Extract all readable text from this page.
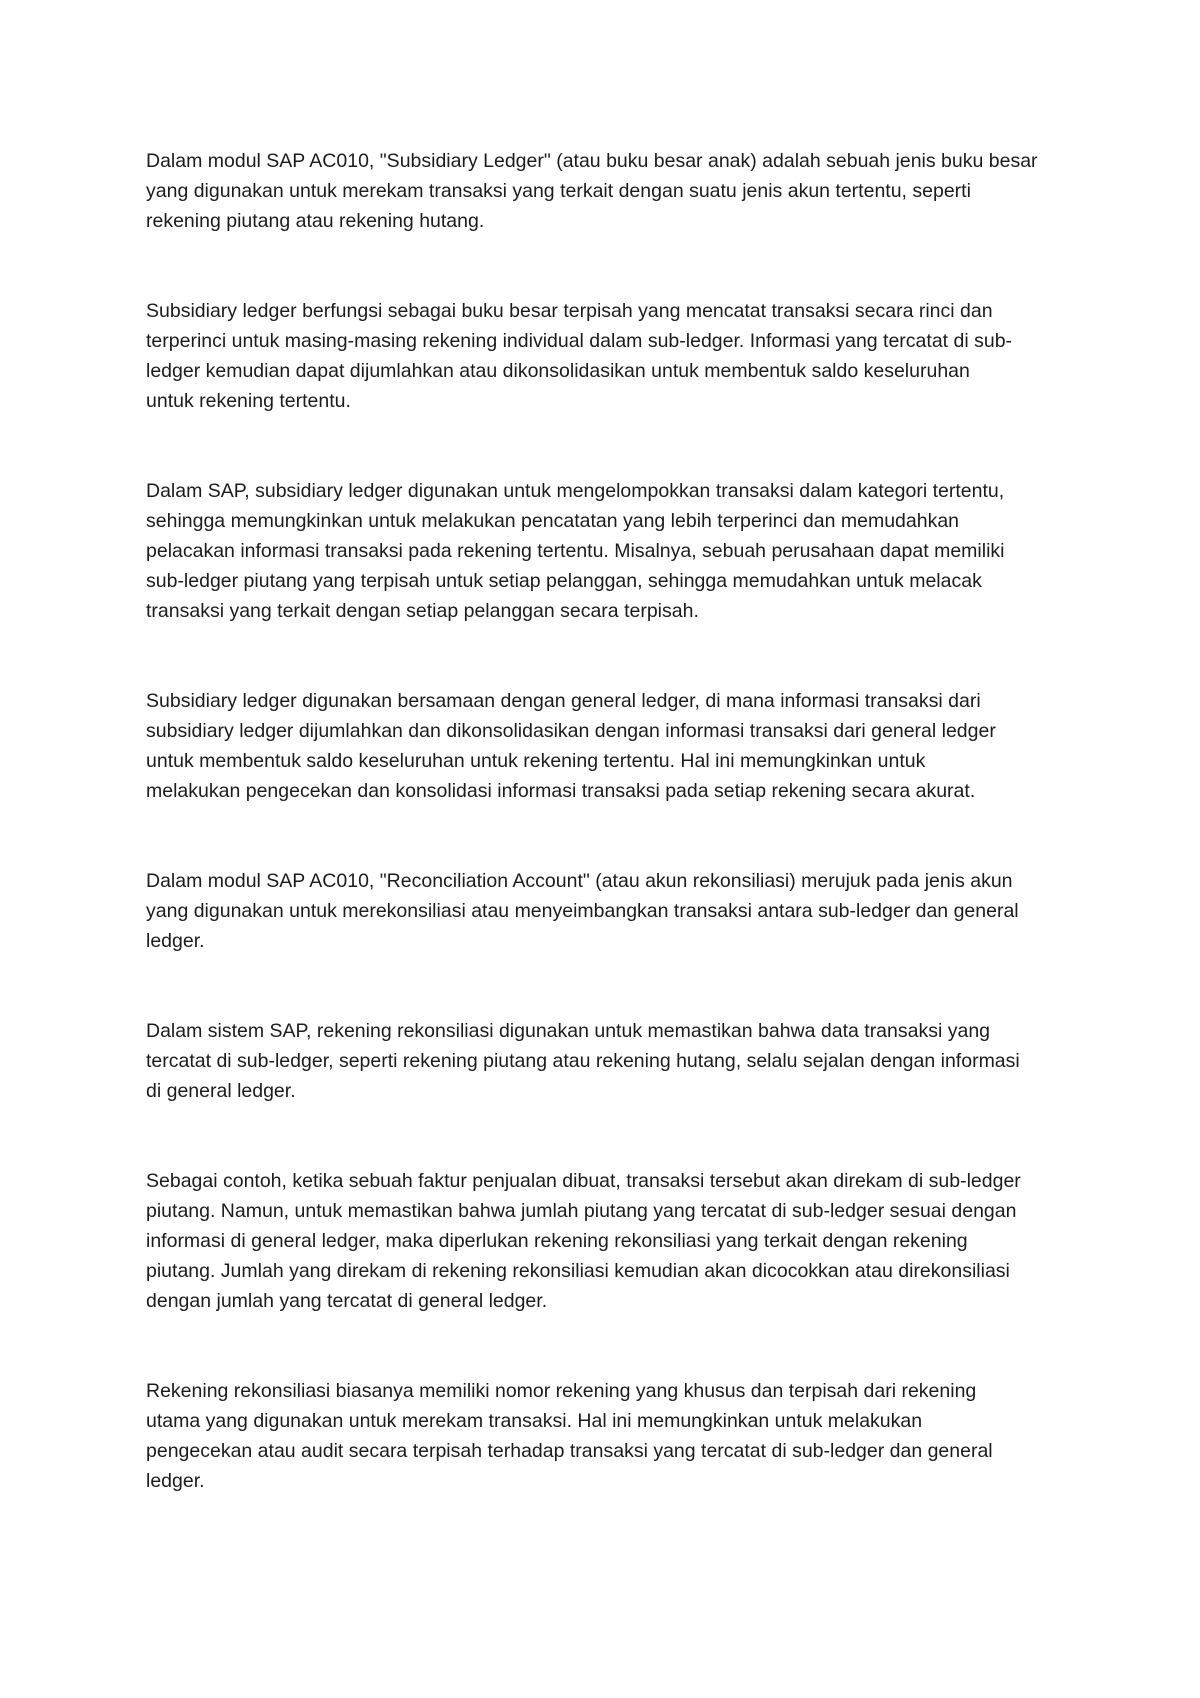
Dalam modul SAP AC010, "Subsidiary Ledger" (atau buku besar anak) adalah sebuah jenis buku besar
yang digunakan untuk merekam transaksi yang terkait dengan suatu jenis akun tertentu, seperti
rekening piutang atau rekening hutang.

Subsidiary ledger berfungsi sebagai buku besar terpisah yang mencatat transaksi secara rinci dan
terperinci untuk masing-masing rekening individual dalam sub-ledger. Informasi yang tercatat di sub-
ledger kemudian dapat dijumlahkan atau dikonsolidasikan untuk membentuk saldo keseluruhan
untuk rekening tertentu.

Dalam SAP, subsidiary ledger digunakan untuk mengelompokkan transaksi dalam kategori tertentu,
sehingga memungkinkan untuk melakukan pencatatan yang lebih terperinci dan memudahkan
pelacakan informasi transaksi pada rekening tertentu. Misalnya, sebuah perusahaan dapat memiliki
sub-ledger piutang yang terpisah untuk setiap pelanggan, sehingga memudahkan untuk melacak
transaksi yang terkait dengan setiap pelanggan secara terpisah.

Subsidiary ledger digunakan bersamaan dengan general ledger, di mana informasi transaksi dari
subsidiary ledger dijumlahkan dan dikonsolidasikan dengan informasi transaksi dari general ledger
untuk membentuk saldo keseluruhan untuk rekening tertentu. Hal ini memungkinkan untuk
melakukan pengecekan dan konsolidasi informasi transaksi pada setiap rekening secara akurat.

Dalam modul SAP AC010, "Reconciliation Account" (atau akun rekonsiliasi) merujuk pada jenis akun
yang digunakan untuk merekonsiliasi atau menyeimbangkan transaksi antara sub-ledger dan general
ledger.

Dalam sistem SAP, rekening rekonsiliasi digunakan untuk memastikan bahwa data transaksi yang
tercatat di sub-ledger, seperti rekening piutang atau rekening hutang, selalu sejalan dengan informasi
di general ledger.

Sebagai contoh, ketika sebuah faktur penjualan dibuat, transaksi tersebut akan direkam di sub-ledger
piutang. Namun, untuk memastikan bahwa jumlah piutang yang tercatat di sub-ledger sesuai dengan
informasi di general ledger, maka diperlukan rekening rekonsiliasi yang terkait dengan rekening
piutang. Jumlah yang direkam di rekening rekonsiliasi kemudian akan dicocokkan atau direkonsiliasi
dengan jumlah yang tercatat di general ledger.

Rekening rekonsiliasi biasanya memiliki nomor rekening yang khusus dan terpisah dari rekening
utama yang digunakan untuk merekam transaksi. Hal ini memungkinkan untuk melakukan
pengecekan atau audit secara terpisah terhadap transaksi yang tercatat di sub-ledger dan general
ledger.
